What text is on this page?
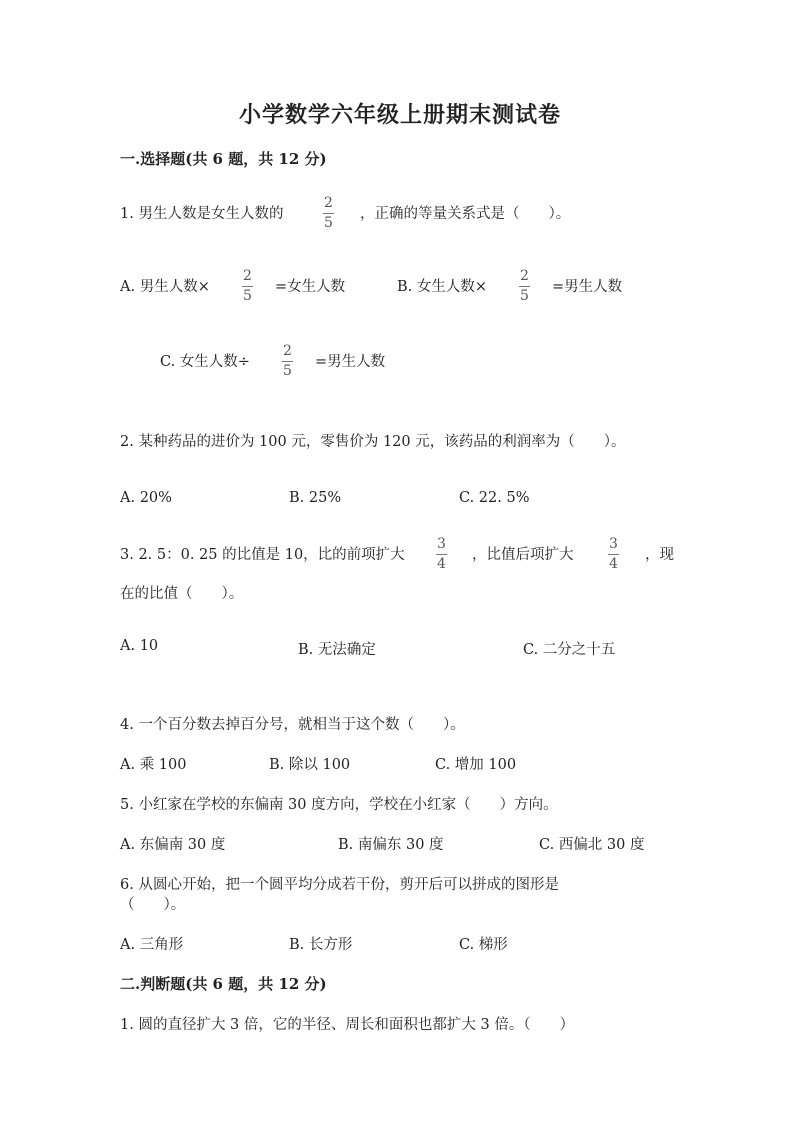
小学数学六年级上册期末测试卷
一.选择题(共 6 题，共 12 分)
1. 男生人数是女生人数的
2
5
，正确的等量关系式是（　　）。
A. 男生人数×
2
5
=女生人数	B. 女生人数×
2
5
=男生人数
C. 女生人数÷
2
5
=男生人数
2. 某种药品的进价为 100 元，零售价为 120 元，该药品的利润率为（　　）。
A. 20%	B. 25%	C. 22. 5%
3. 2. 5：0. 25 的比值是 10，比的前项扩大
3
4
，比值后项扩大
3
4
，现
在的比值（　　）。
A. 10	B. 无法确定	C. 二分之十五
4. 一个百分数去掉百分号，就相当于这个数（　　）。
A. 乘 100	B. 除以 100	C. 增加 100
5. 小红家在学校的东偏南 30 度方向，学校在小红家（　　）方向。
A. 东偏南 30 度	B. 南偏东 30 度	C. 西偏北 30 度
6. 从圆心开始，把一个圆平均分成若干份，剪开后可以拼成的图形是
（　　）。
A. 三角形	B. 长方形	C. 梯形
二.判断题(共 6 题，共 12 分)
1. 圆的直径扩大 3 倍，它的半径、周长和面积也都扩大 3 倍。（　　）
